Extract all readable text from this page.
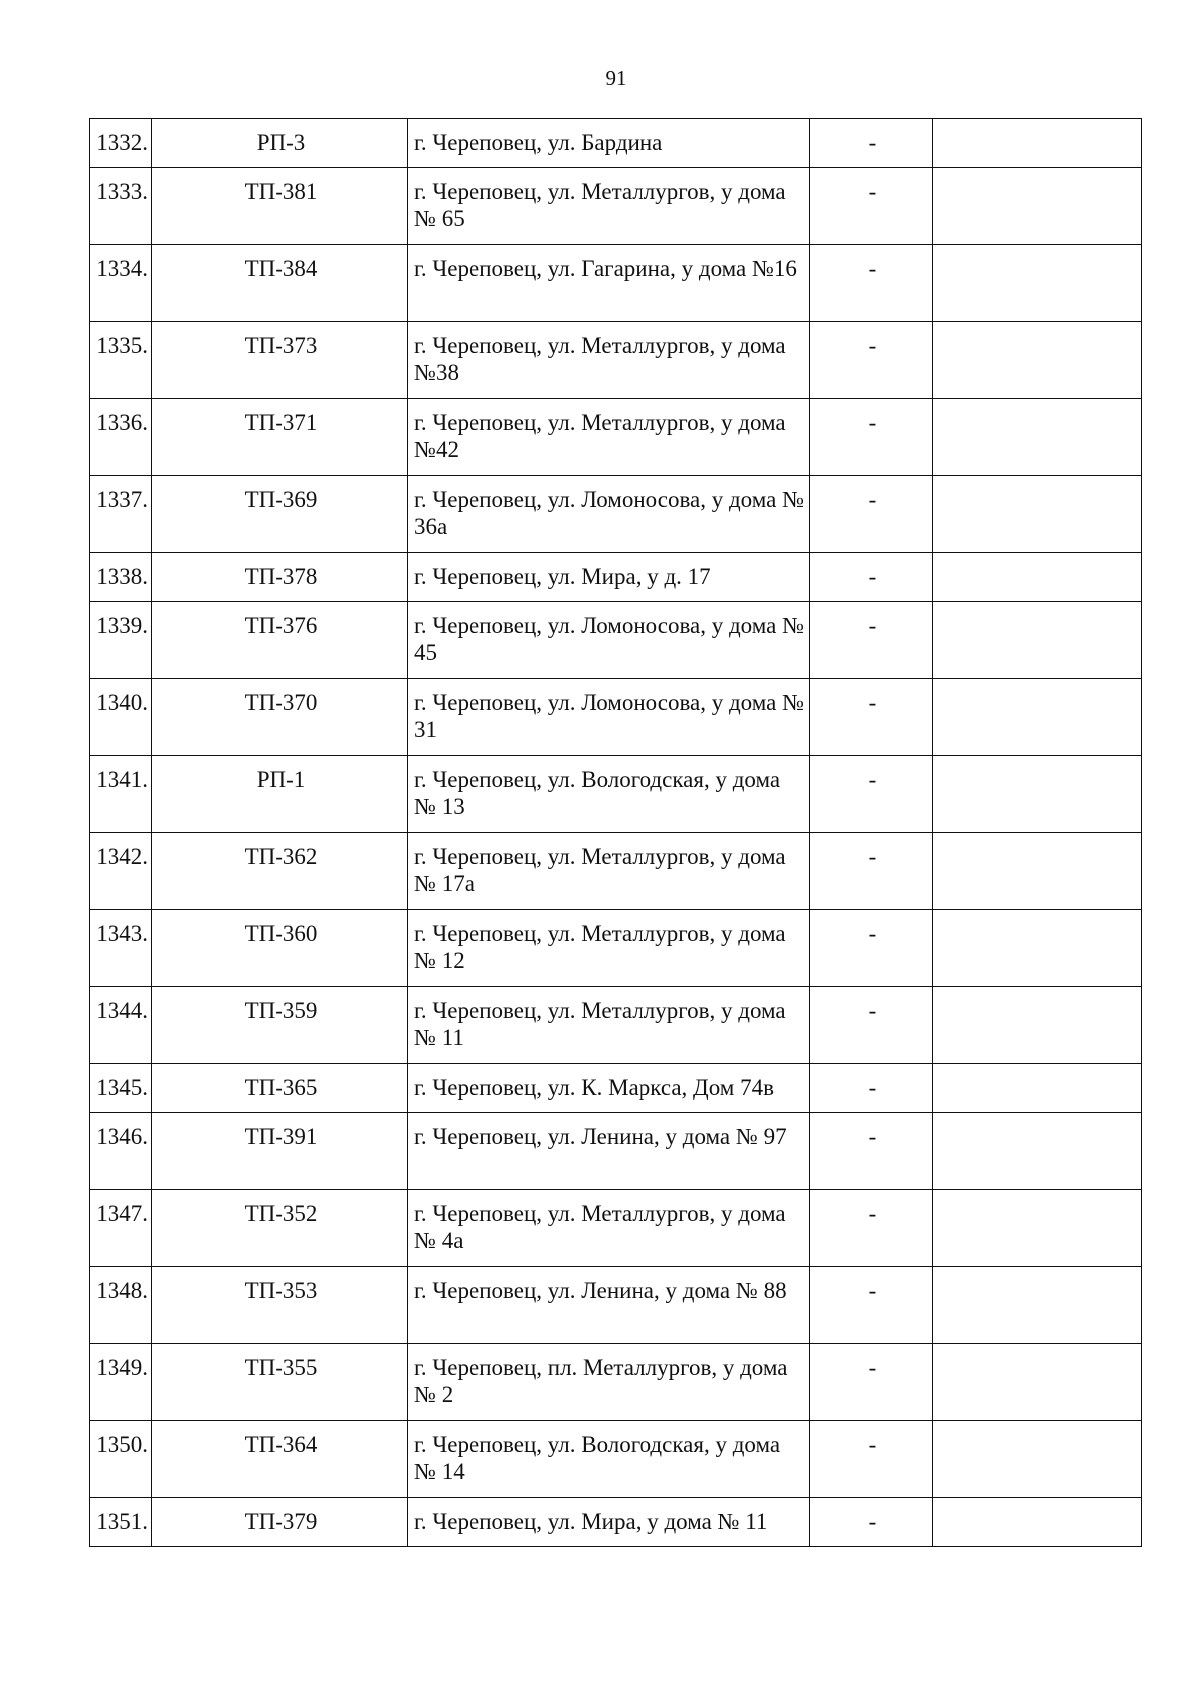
91
1332.	РП-3	г. Череповец, ул. Бардина	-	
1333.	ТП-381	г. Череповец, ул. Металлургов, у дома № 65	-	
1334.	ТП-384	г. Череповец, ул. Гагарина, у дома №16	-	
1335.	ТП-373	г. Череповец, ул. Металлургов, у дома №38	-	
1336.	ТП-371	г. Череповец, ул. Металлургов, у дома №42	-	
1337.	ТП-369	г. Череповец, ул. Ломоносова, у дома № 36а	-	
1338.	ТП-378	г. Череповец, ул. Мира, у д. 17	-	
1339.	ТП-376	г. Череповец, ул. Ломоносова, у дома № 45	-	
1340.	ТП-370	г. Череповец, ул. Ломоносова, у дома № 31	-	
1341.	РП-1	г. Череповец, ул. Вологодская, у дома № 13	-	
1342.	ТП-362	г. Череповец, ул. Металлургов, у дома № 17а	-	
1343.	ТП-360	г. Череповец, ул. Металлургов, у дома № 12	-	
1344.	ТП-359	г. Череповец, ул. Металлургов, у дома № 11	-	
1345.	ТП-365	г. Череповец, ул. К. Маркса, Дом 74в	-	
1346.	ТП-391	г. Череповец, ул. Ленина, у дома № 97	-	
1347.	ТП-352	г. Череповец, ул. Металлургов, у дома № 4а	-	
1348.	ТП-353	г. Череповец, ул. Ленина, у дома № 88	-	
1349.	ТП-355	г. Череповец, пл. Металлургов, у дома № 2	-	
1350.	ТП-364	г. Череповец, ул. Вологодская, у дома № 14	-	
1351.	ТП-379	г. Череповец, ул. Мира, у дома № 11	-	
